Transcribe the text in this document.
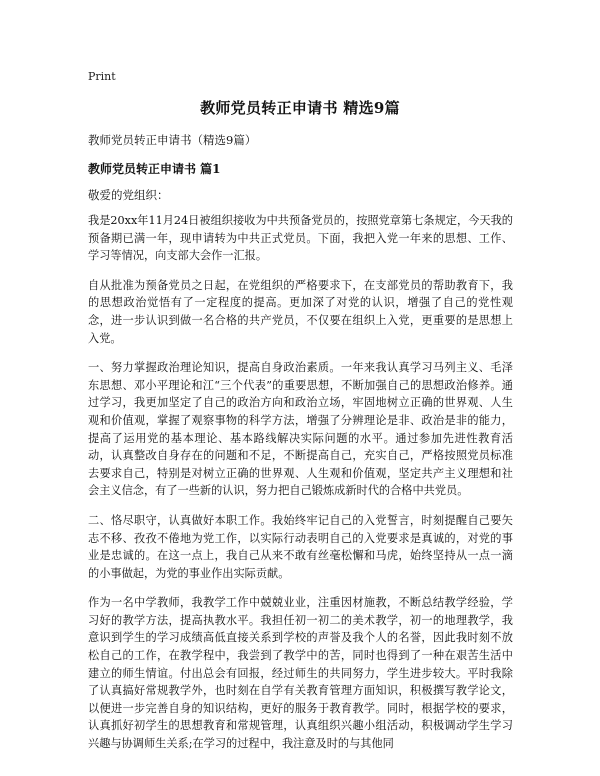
Print
教师党员转正申请书 精选9篇
教师党员转正申请书（精选9篇）
教师党员转正申请书 篇1
敬爱的党组织：

我是20xx年11月24日被组织接收为中共预备党员的，按照党章第七条规定，今天我的预备期已满一年，现申请转为中共正式党员。下面，我把入党一年来的思想、工作、学习等情况，向支部大会作一汇报。

自从批准为预备党员之日起，在党组织的严格要求下，在支部党员的帮助教育下，我的思想政治觉悟有了一定程度的提高。更加深了对党的认识，增强了自己的党性观念，进一步认识到做一名合格的共产党员，不仅要在组织上入党，更重要的是思想上入党。

一、努力掌握政治理论知识，提高自身政治素质。一年来我认真学习马列主义、毛泽东思想、邓小平理论和江“三个代表”的重要思想，不断加强自己的思想政治修养。通过学习，我更加坚定了自己的政治方向和政治立场，牢固地树立正确的世界观、人生观和价值观，掌握了观察事物的科学方法，增强了分辨理论是非、政治是非的能力，提高了运用党的基本理论、基本路线解决实际问题的水平。通过参加先进性教育活动，认真整改自身存在的问题和不足，不断提高自己，充实自己，严格按照党员标准去要求自己，特别是对树立正确的世界观、人生观和价值观，坚定共产主义理想和社会主义信念，有了一些新的认识，努力把自己锻炼成新时代的合格中共党员。

二、恪尽职守，认真做好本职工作。我始终牢记自己的入党誓言，时刻提醒自己要矢志不移、孜孜不倦地为党工作，以实际行动表明自己的入党要求是真诚的，对党的事业是忠诚的。在这一点上，我自己从来不敢有丝毫松懈和马虎，始终坚持从一点一滴的小事做起，为党的事业作出实际贡献。

作为一名中学教师，我教学工作中兢兢业业，注重因材施教，不断总结教学经验，学习好的教学方法，提高执教水平。我担任初一初二的美术教学，初一的地理教学，我意识到学生的学习成绩高低直接关系到学校的声誉及我个人的名誉，因此我时刻不放松自己的工作，在教学程中，我尝到了教学中的苦，同时也得到了一种在艰苦生活中建立的师生情谊。付出总会有回报，经过师生的共同努力，学生进步较大。平时我除了认真搞好常规教学外，也时刻在自学有关教育管理方面知识，积极撰写教学论文，以便进一步完善自身的知识结构，更好的服务于教育教学。同时，根据学校的要求，认真抓好初学生的思想教育和常规管理，认真组织兴趣小组活动，积极调动学生学习兴趣与协调师生关系;在学习的过程中，我注意及时的与其他同
